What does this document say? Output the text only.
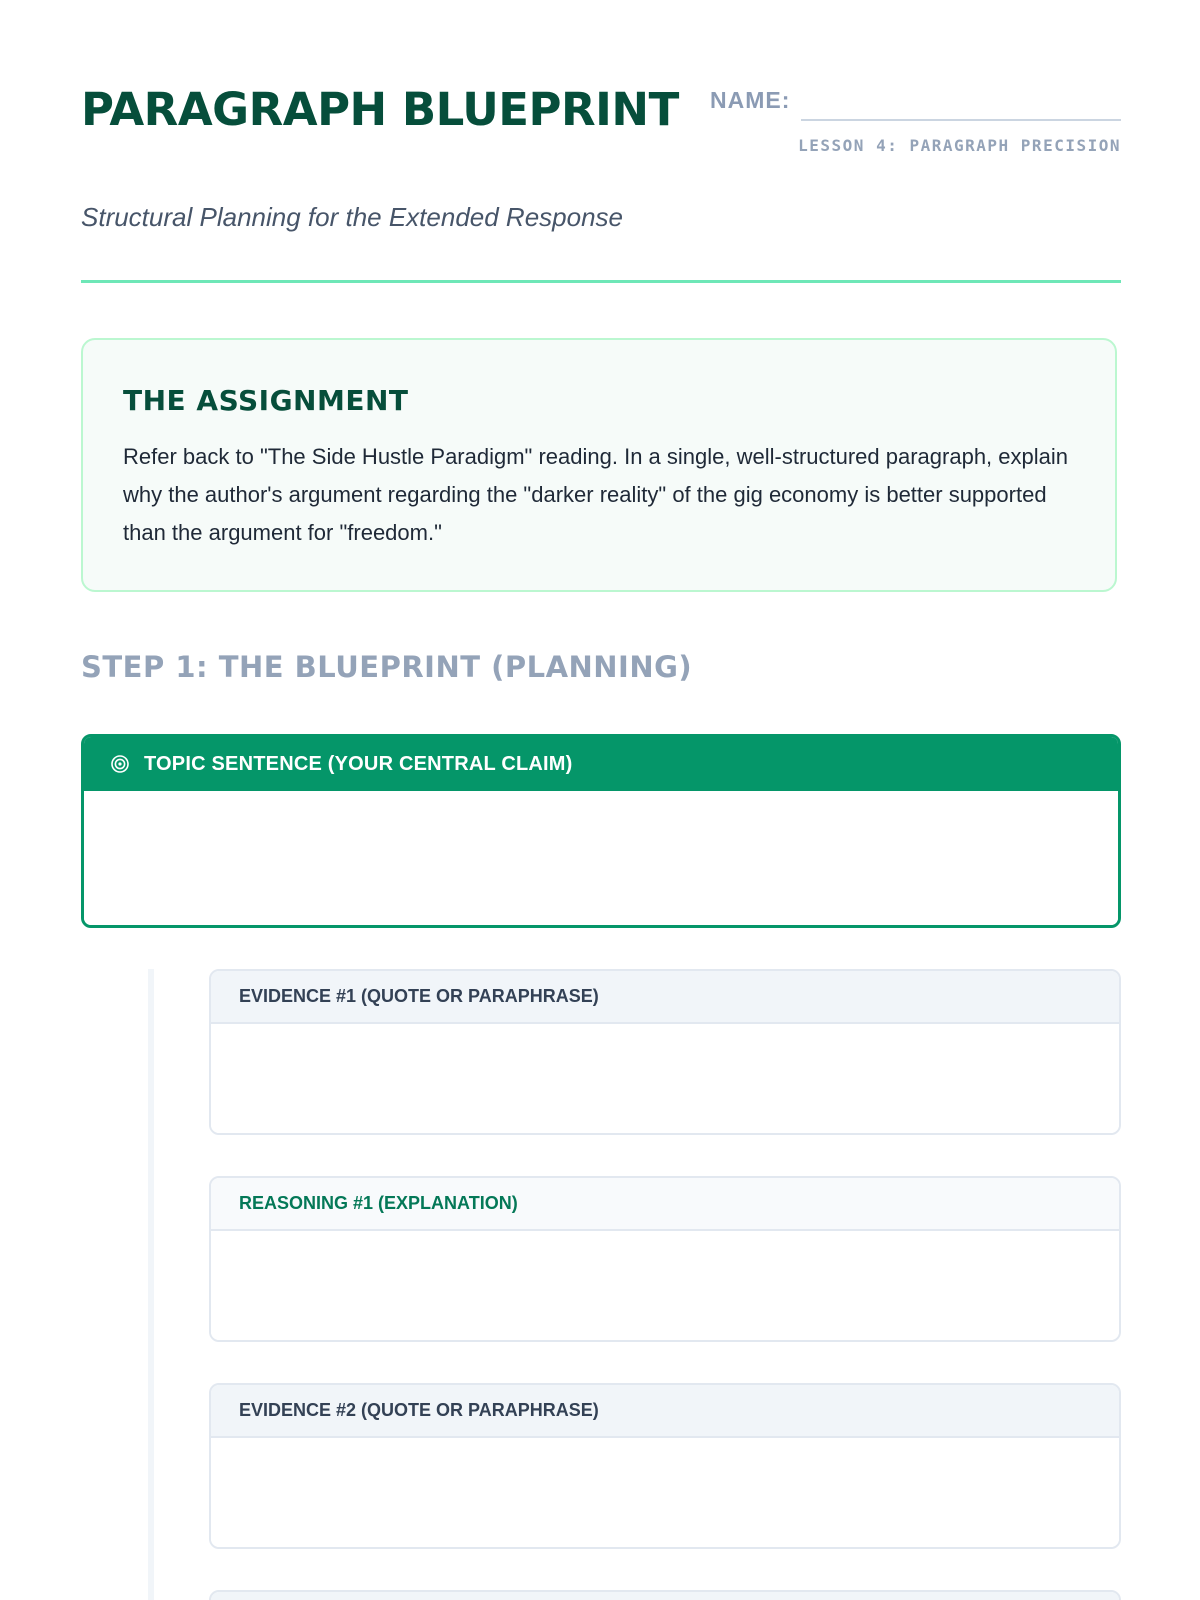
PARAGRAPH BLUEPRINT

Structural Planning for the Extended Response

NAME:
LESSON 4: PARAGRAPH PRECISION
THE ASSIGNMENT

Refer back to "The Side Hustle Paradigm" reading. In a single, well-structured paragraph, explain why the author's argument regarding the "darker reality" of the gig economy is better supported than the argument for "freedom."

STEP 1: THE BLUEPRINT (PLANNING)
TOPIC SENTENCE (YOUR CENTRAL CLAIM)
EVIDENCE #1 (QUOTE OR PARAPHRASE)
REASONING #1 (EXPLANATION)
EVIDENCE #2 (QUOTE OR PARAPHRASE)
